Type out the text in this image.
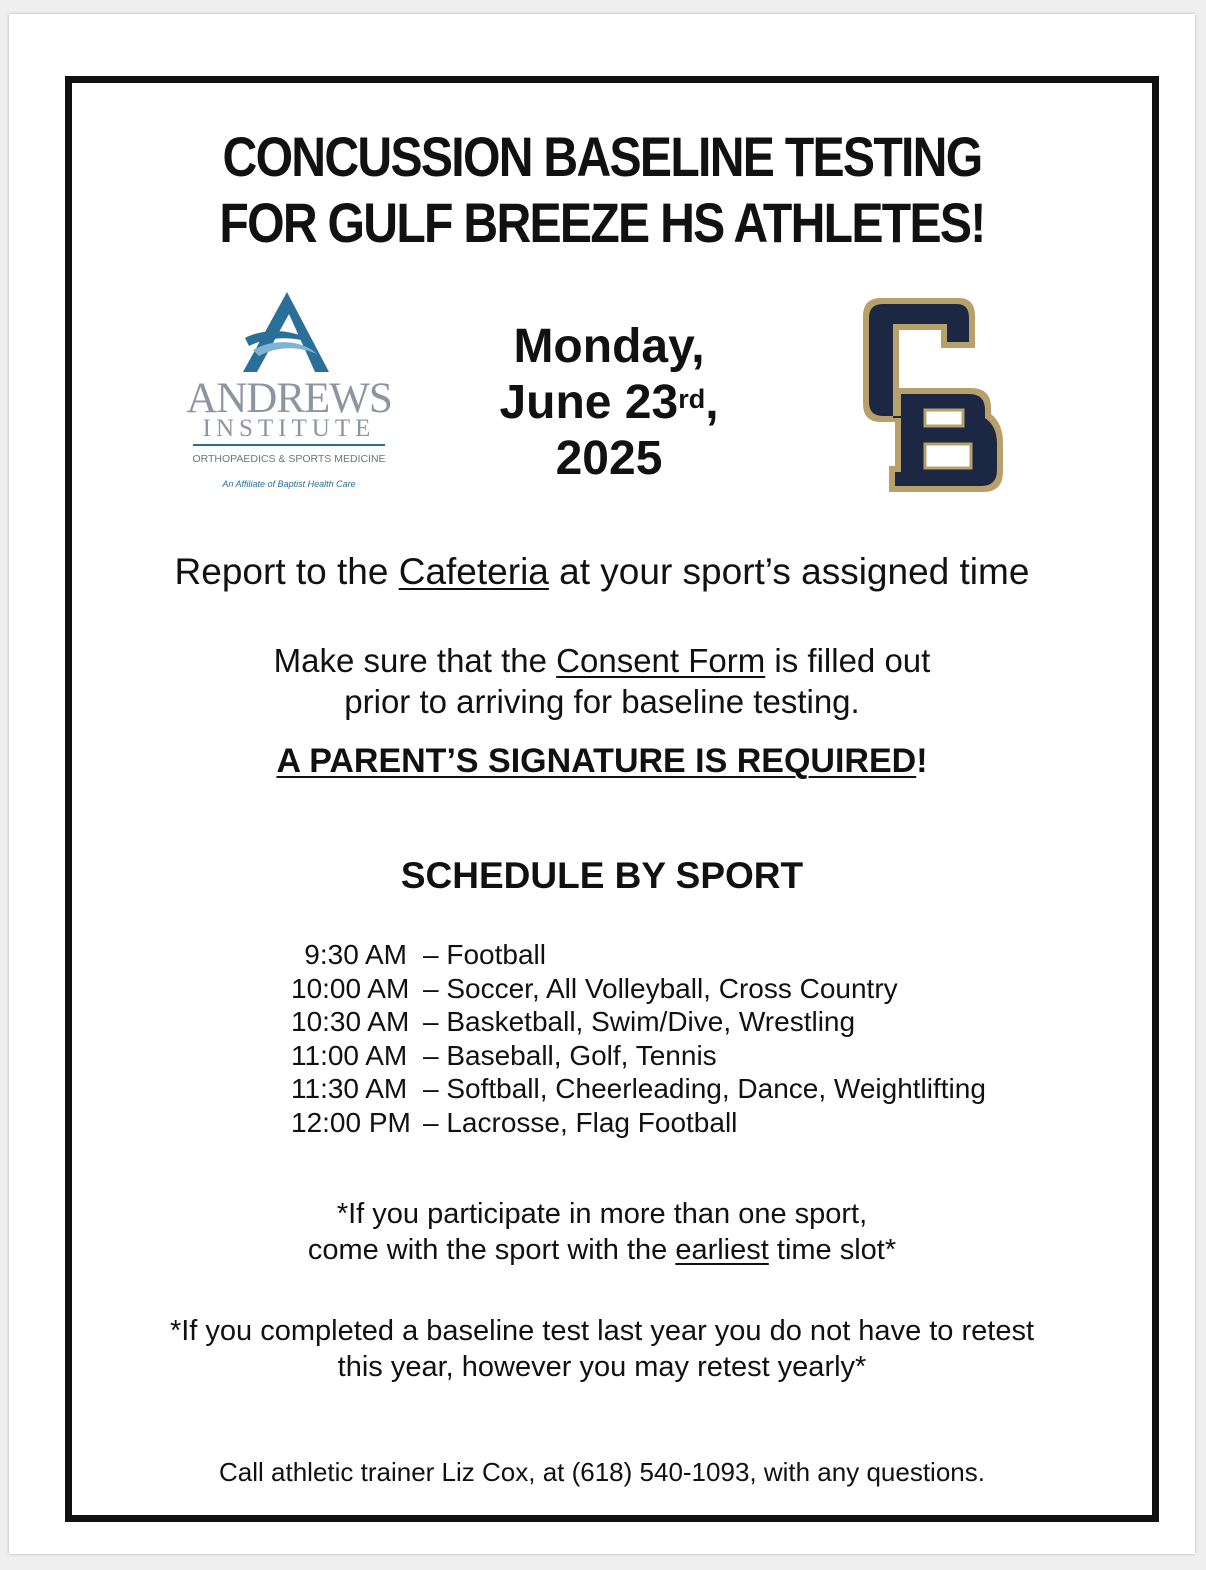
CONCUSSION BASELINE TESTING
FOR GULF BREEZE HS ATHLETES!
ANDREWS
INSTITUTE
ORTHOPAEDICS & SPORTS MEDICINE
An Affiliate of Baptist Health Care
Monday,
June 23rd,
2025
Report to the Cafeteria at your sport’s assigned time
Make sure that the Consent Form is filled out
prior to arriving for baseline testing.
A PARENT’S SIGNATURE IS REQUIRED!
SCHEDULE BY SPORT
9:30 AM – Football
10:00 AM – Soccer, All Volleyball, Cross Country
10:30 AM – Basketball, Swim/Dive, Wrestling
11:00 AM – Baseball, Golf, Tennis
11:30 AM – Softball, Cheerleading, Dance, Weightlifting
12:00 PM – Lacrosse, Flag Football
*If you participate in more than one sport,
come with the sport with the earliest time slot*
*If you completed a baseline test last year you do not have to retest
this year, however you may retest yearly*
Call athletic trainer Liz Cox, at (618) 540-1093, with any questions.
